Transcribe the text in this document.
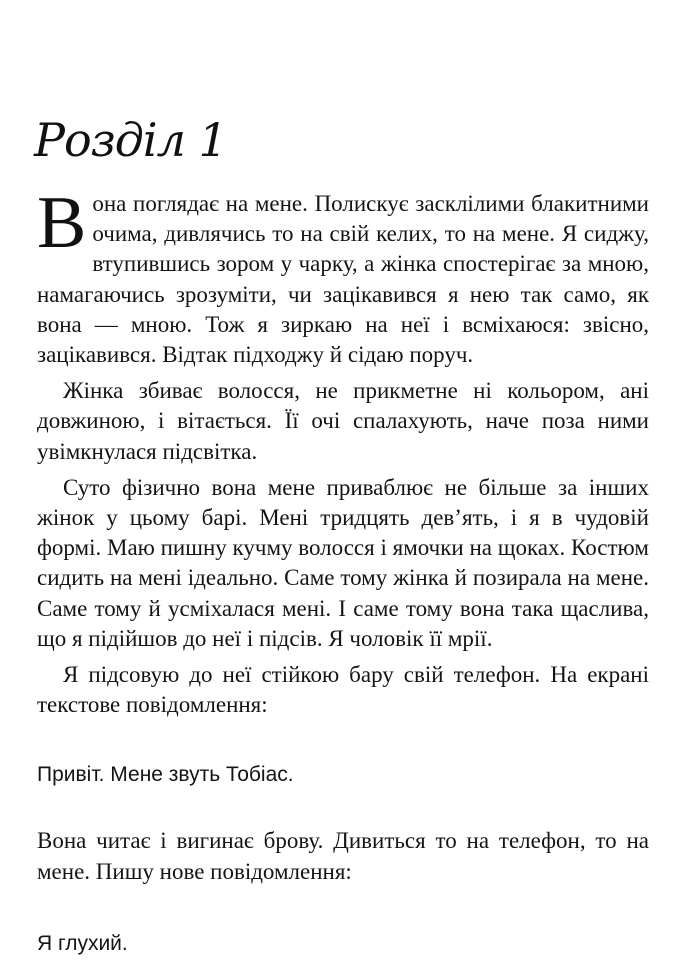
Розділ 1

Вона поглядає на мене. Полискує засклілими блакитними очима, дивлячись то на свій келих, то на мене. Я сиджу, втупившись зором у чарку, а жінка спостерігає за мною, намагаючись зрозуміти, чи зацікавився я нею так само, як вона — мною. Тож я зиркаю на неї і всміхаюся: звісно, зацікавився. Відтак підходжу й сідаю поруч.

Жінка збиває волосся, не прикметне ні кольором, ані довжиною, і вітається. Її очі спалахують, наче поза ними увімкнулася підсвітка.

Суто фізично вона мене приваблює не більше за інших жінок у цьому барі. Мені тридцять дев’ять, і я в чудовій формі. Маю пишну кучму волосся і ямочки на щоках. Костюм сидить на мені ідеально. Саме тому жінка й позирала на мене. Саме тому й усміхалася мені. І саме тому вона така щаслива, що я підійшов до неї і підсів. Я чоловік її мрії.

Я підсовую до неї стійкою бару свій телефон. На екрані текстове повідомлення:

Привіт. Мене звуть Тобіас.

Вона читає і вигинає брову. Дивиться то на телефон, то на мене. Пишу нове повідомлення:

Я глухий.
